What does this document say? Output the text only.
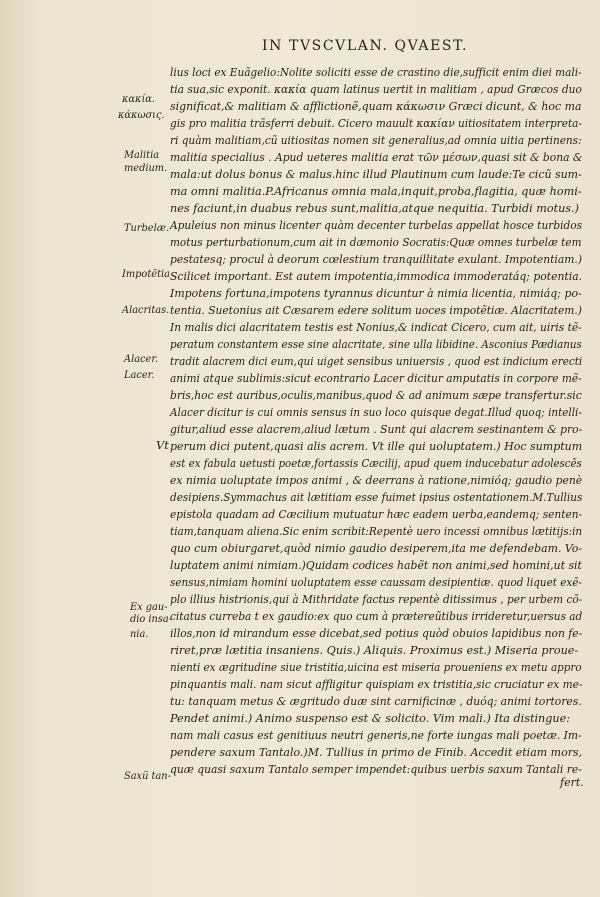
IN TVSCVLAN. QVAEST.
lius loci ex Euãgelio:Nolite soliciti esse de crastino die,sufficit enim diei mali-
tia sua,sic exponit. κακία quam latinus uertit in malitiam , apud Græcos duo
significat,& malitiam & afflictionẽ,quam κάκωσιν Græci dicunt, & hoc ma
gis pro malitia trãsferri debuit. Cicero mauult κακίαν uitiositatem interpreta-
ri quàm malitiam,cũ uitiositas nomen sit generalius,ad omnia uitia pertinens:
malitia specialius . Apud ueteres malitia erat τῶν μέσων,quasi sit & bona &
mala:ut dolus bonus & malus.hinc illud Plautinum cum laude:Te cicũ sum-
ma omni malitia.P.Africanus omnia mala,inquit,proba,flagitia, quæ homi-
nes faciunt,in duabus rebus sunt,malitia,atque nequitia. Turbidi motus.)
Apuleius non minus licenter quàm decenter turbelas appellat hosce turbidos
motus perturbationum,cum ait in dæmonio Socratis:Quæ omnes turbelæ tem
pestatesq; procul à deorum cœlestium tranquillitate exulant. Impotentiam.)
Scilicet important. Est autem impotentia,immodica immoderatáq; potentia.
Impotens fortuna,impotens tyrannus dicuntur à nimia licentia, nimiáq; po-
tentia. Suetonius ait Cæsarem edere solitum uoces impotẽtiæ. Alacritatem.)
In malis dici alacritatem testis est Nonius,& indicat Cicero, cum ait, uiris tẽ-
peratum constantem esse sine alacritate, sine ulla libidine. Asconius Pædianus
tradit alacrem dici eum,qui uiget sensibus uniuersis , quod est indicium erecti
animi atque sublimis:sicut econtrario Lacer dicitur amputatis in corpore mẽ-
bris,hoc est auribus,oculis,manibus,quod & ad animum sæpe transfertur.sic
Alacer dicitur is cui omnis sensus in suo loco quisque degat.Illud quoq; intelli-
gitur,aliud esse alacrem,aliud lætum . Sunt qui alacrem sestinantem & pro-
perum dici putent,quasi alis acrem. Vt ille qui uoluptatem.) Hoc sumptum
est ex fabula uetusti poetæ,fortassis Cæcilij, apud quem inducebatur adolescẽs
ex nimia uoluptate impos animi , & deerrans à ratione,nimióq; gaudio penè
desipiens.Symmachus ait lætitiam esse fuimet ipsius ostentationem.M.Tullius
epistola quadam ad Cæcilium mutuatur hæc eadem uerba,eandemq; senten-
tiam,tanquam aliena.Sic enim scribit:Repentè uero incessi omnibus lætitijs:in
quo cum obiurgaret,quòd nimio gaudio desiperem,ita me defendebam. Vo-
luptatem animi nimiam.)Quidam codices habẽt non animi,sed homini,ut sit
sensus,nimiam homini uoluptatem esse caussam desipientiæ. quod liquet exẽ-
plo illius histrionis,qui à Mithridate factus repentè ditissimus , per urbem cõ-
citatus curreba t ex gaudio:ex quo cum à prætereũtibus irrideretur,uersus ad
illos,non id mirandum esse dicebat,sed potius quòd obuios lapidibus non fe-
riret,præ lætitia insaniens. Quis.) Aliquis. Proximus est.) Miseria proue-
nienti ex ægritudine siue tristitia,uicina est miseria proueniens ex metu appro
pinquantis mali. nam sicut affligitur quispiam ex tristitia,sic cruciatur ex me-
tu: tanquam metus & ægritudo duæ sint carnificinæ , duóq; animi tortores.
Pendet animi.) Animo suspenso est & solicito. Vim mali.) Ita distingue:
nam mali casus est genitiuus neutri generis,ne forte iungas mali poetæ. Im-
pendere saxum Tantalo.)M. Tullius in primo de Finib. Accedit etiam mors,
quæ quasi saxum Tantalo semper impendet:quibus uerbis saxum Tantali re-
κακία.
κάκωσις.
Malitia
medium.
Turbelæ.
Impotẽtia
Alacritas.
Alacer.
Lacer.
Vt
Ex gau-
dio insa-
nia.
Saxũ tan-	fert.
